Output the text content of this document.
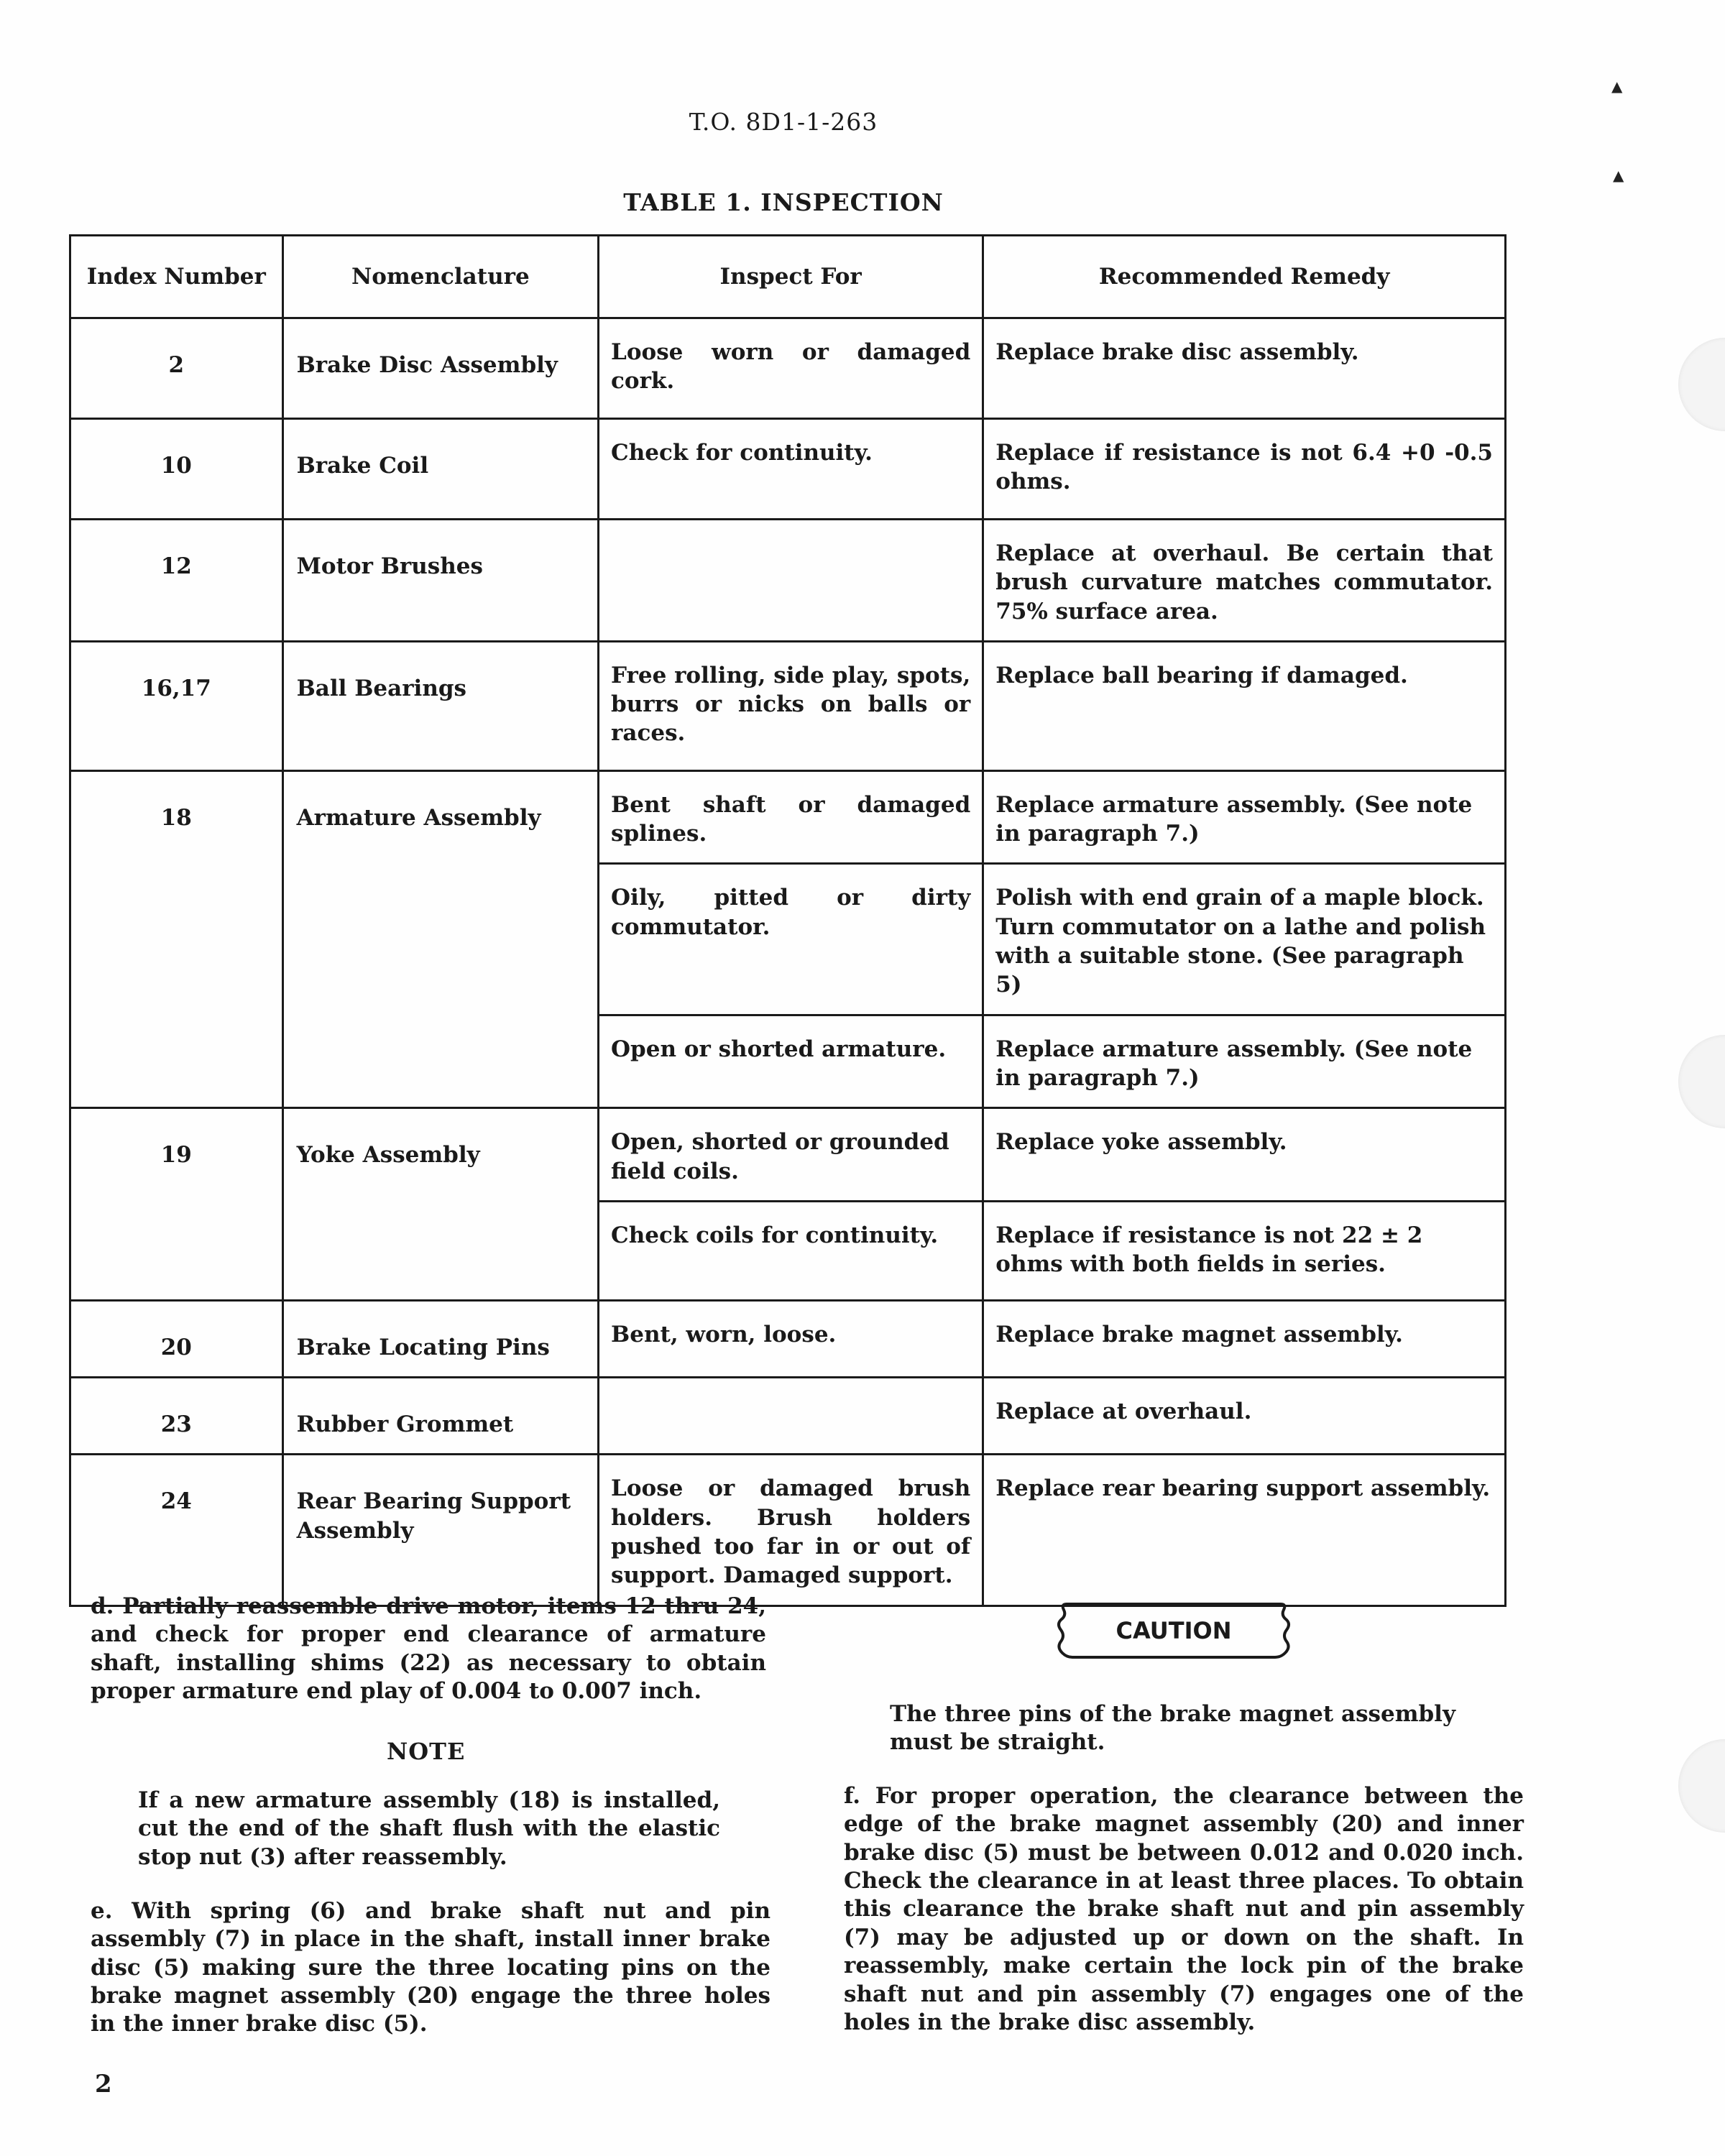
▲
▲
T.O. 8D1-1-263
TABLE 1. INSPECTION
Index Number	Nomenclature	Inspect For	Recommended Remedy
2	Brake Disc Assembly	Loose worn or damaged cork.	Replace brake disc assembly.
10	Brake Coil	Check for continuity.	Replace if resistance is not 6.4 +0 -0.5 ohms.
12	Motor Brushes		Replace at overhaul. Be certain that brush curvature matches commutator. 75% surface area.
16,17	Ball Bearings	Free rolling, side play, spots, burrs or nicks on balls or races.	Replace ball bearing if damaged.
18	Armature Assembly	Bent shaft or damaged splines.	Replace armature assembly. (See note in paragraph 7.)
		Oily, pitted or dirty commutator.	Polish with end grain of a maple block. Turn commutator on a lathe and polish with a suitable stone. (See paragraph 5)
		Open or shorted armature.	Replace armature assembly. (See note in paragraph 7.)
19	Yoke Assembly	Open, shorted or grounded field coils.	Replace yoke assembly.
		Check coils for continuity.	Replace if resistance is not 22 ± 2 ohms with both fields in series.
20	Brake Locating Pins	Bent, worn, loose.	Replace brake magnet assembly.
23	Rubber Grommet		Replace at overhaul.
24	Rear Bearing Support Assembly	Loose or damaged brush holders. Brush holders pushed too far in or out of support. Damaged support.	Replace rear bearing support assembly.
d. Partially reassemble drive motor, items 12 thru 24, and check for proper end clearance of armature shaft, installing shims (22) as necessary to obtain proper armature end play of 0.004 to 0.007 inch.
NOTE
If a new armature assembly (18) is installed, cut the end of the shaft flush with the elastic stop nut (3) after reassembly.
e. With spring (6) and brake shaft nut and pin assembly (7) in place in the shaft, install inner brake disc (5) making sure the three locating pins on the brake magnet assembly (20) engage the three holes in the inner brake disc (5).
CAUTION
The three pins of the brake magnet assembly must be straight.
f. For proper operation, the clearance between the edge of the brake magnet assembly (20) and inner brake disc (5) must be between 0.012 and 0.020 inch. Check the clearance in at least three places. To obtain this clearance the brake shaft nut and pin assembly (7) may be adjusted up or down on the shaft. In reassembly, make certain the lock pin of the brake shaft nut and pin assembly (7) engages one of the holes in the brake disc assembly.
2
